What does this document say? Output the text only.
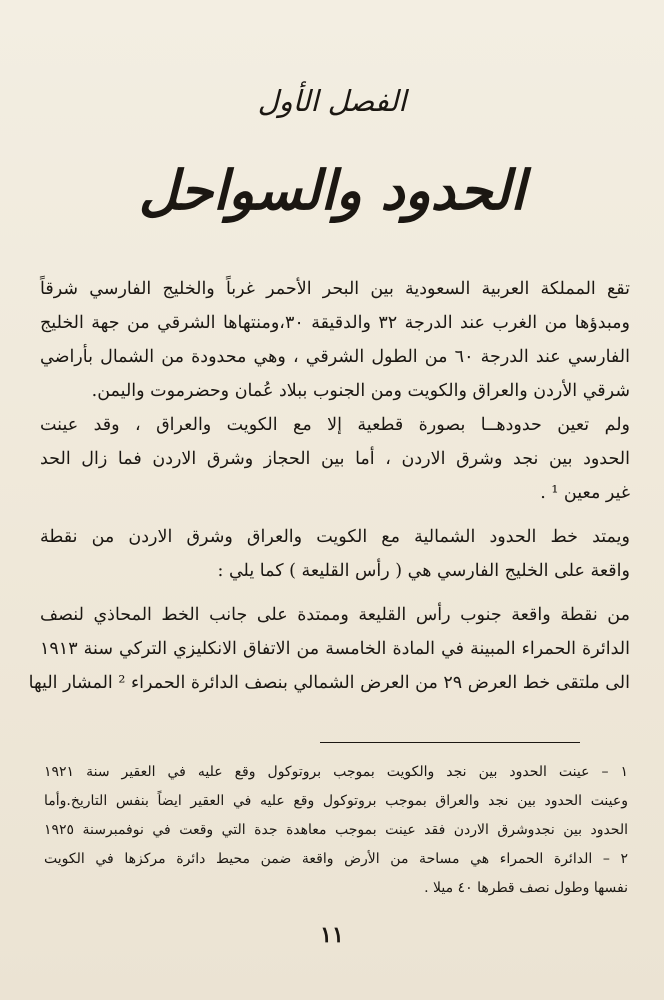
الفصل الأول
الحدود والسواحل
تقع المملكة العربية السعودية بين البحر الأحمر غرباً والخليج الفارسي شرقاً
ومبدؤها من الغرب عند الدرجة ٣٢ والدقيقة ٣٠،ومنتهاها الشرقي من جهة الخليج
الفارسي عند الدرجة ٦٠ من الطول الشرقي ، وهي محدودة من الشمال بأراضي
شرقي الأردن والعراق والكويت ومن الجنوب ببلاد عُمان وحضرموت واليمن.
ولم تعين حدودهــا بصورة قطعية إلا مع الكويت والعراق ، وقد عينت
الحدود بين نجد وشرق الاردن ، أما بين الحجاز وشرق الاردن فما زال الحد
غير معين ¹ .
ويمتد خط الحدود الشمالية مع الكويت والعراق وشرق الاردن من نقطة
واقعة على الخليج الفارسي هي ( رأس القليعة ) كما يلي :
من نقطة واقعة جنوب رأس القليعة وممتدة على جانب الخط المحاذي لنصف
الدائرة الحمراء المبينة في المادة الخامسة من الاتفاق الانكليزي التركي سنة ١٩١٣
الى ملتقى خط العرض ٢٩ من العرض الشمالي بنصف الدائرة الحمراء ² المشار اليها
١ – عينت الحدود بين نجد والكويت بموجب بروتوكول وقع عليه في العقير سنة ١٩٢١
وعينت الحدود بين نجد والعراق بموجب بروتوكول وقع عليه في العقير ايضاً بنفس التاريخ.وأما
الحدود بين نجدوشرق الاردن فقد عينت بموجب معاهدة جدة التي وقعت في نوفمبرسنة ١٩٢٥
٢ – الدائرة الحمراء هي مساحة من الأرض واقعة ضمن محيط دائرة مركزها في الكويت
نفسها وطول نصف قطرها ٤٠ ميلا .
١١
